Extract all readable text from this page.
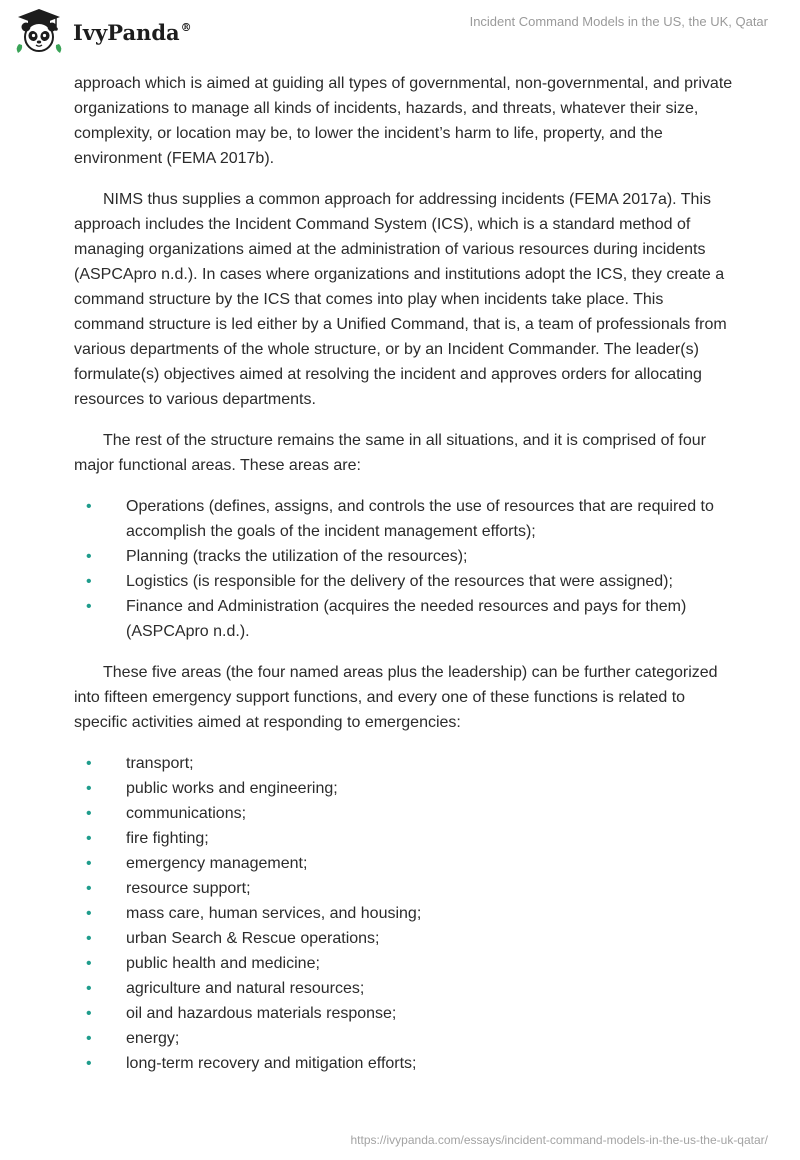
IvyPanda®	Incident Command Models in the US, the UK, Qatar

approach which is aimed at guiding all types of governmental, non-governmental, and private organizations to manage all kinds of incidents, hazards, and threats, whatever their size, complexity, or location may be, to lower the incident’s harm to life, property, and the environment (FEMA 2017b).

NIMS thus supplies a common approach for addressing incidents (FEMA 2017a). This approach includes the Incident Command System (ICS), which is a standard method of managing organizations aimed at the administration of various resources during incidents (ASPCApro n.d.). In cases where organizations and institutions adopt the ICS, they create a command structure by the ICS that comes into play when incidents take place. This command structure is led either by a Unified Command, that is, a team of professionals from various departments of the whole structure, or by an Incident Commander. The leader(s) formulate(s) objectives aimed at resolving the incident and approves orders for allocating resources to various departments.

The rest of the structure remains the same in all situations, and it is comprised of four major functional areas. These areas are:

• Operations (defines, assigns, and controls the use of resources that are required to accomplish the goals of the incident management efforts);
• Planning (tracks the utilization of the resources);
• Logistics (is responsible for the delivery of the resources that were assigned);
• Finance and Administration (acquires the needed resources and pays for them) (ASPCApro n.d.).

These five areas (the four named areas plus the leadership) can be further categorized into fifteen emergency support functions, and every one of these functions is related to specific activities aimed at responding to emergencies:

• transport;
• public works and engineering;
• communications;
• fire fighting;
• emergency management;
• resource support;
• mass care, human services, and housing;
• urban Search & Rescue operations;
• public health and medicine;
• agriculture and natural resources;
• oil and hazardous materials response;
• energy;
• long-term recovery and mitigation efforts;
https://ivypanda.com/essays/incident-command-models-in-the-us-the-uk-qatar/
